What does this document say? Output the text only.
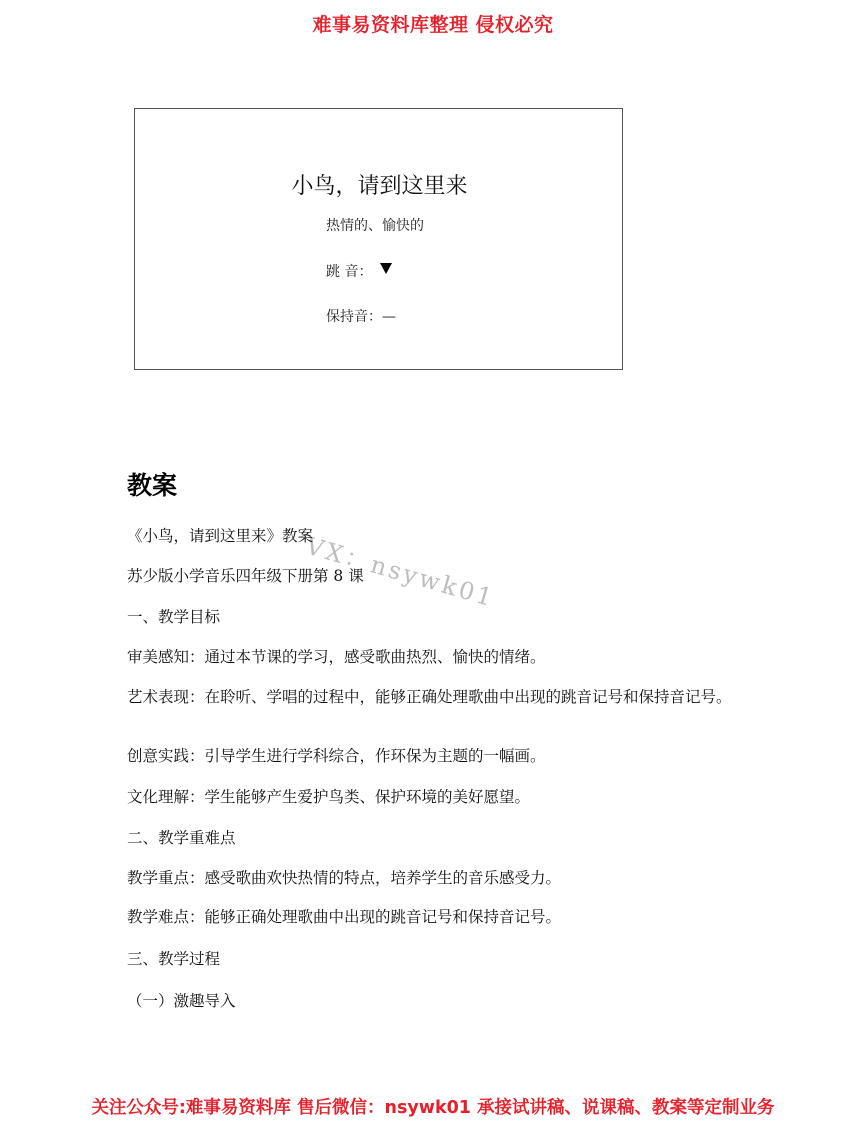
难事易资料库整理 侵权必究
小鸟，请到这里来
热情的、愉快的
跳 音：
保持音：—
VX：nsywk01
教案
《小鸟，请到这里来》教案
苏少版小学音乐四年级下册第 8 课
一、教学目标
审美感知：通过本节课的学习，感受歌曲热烈、愉快的情绪。
艺术表现：在聆听、学唱的过程中，能够正确处理歌曲中出现的跳音记号和保持音记号。
创意实践：引导学生进行学科综合，作环保为主题的一幅画。
文化理解：学生能够产生爱护鸟类、保护环境的美好愿望。
二、教学重难点
教学重点：感受歌曲欢快热情的特点，培养学生的音乐感受力。
教学难点：能够正确处理歌曲中出现的跳音记号和保持音记号。
三、教学过程
（一）激趣导入
关注公众号:难事易资料库 售后微信：nsywk01 承接试讲稿、说课稿、教案等定制业务
